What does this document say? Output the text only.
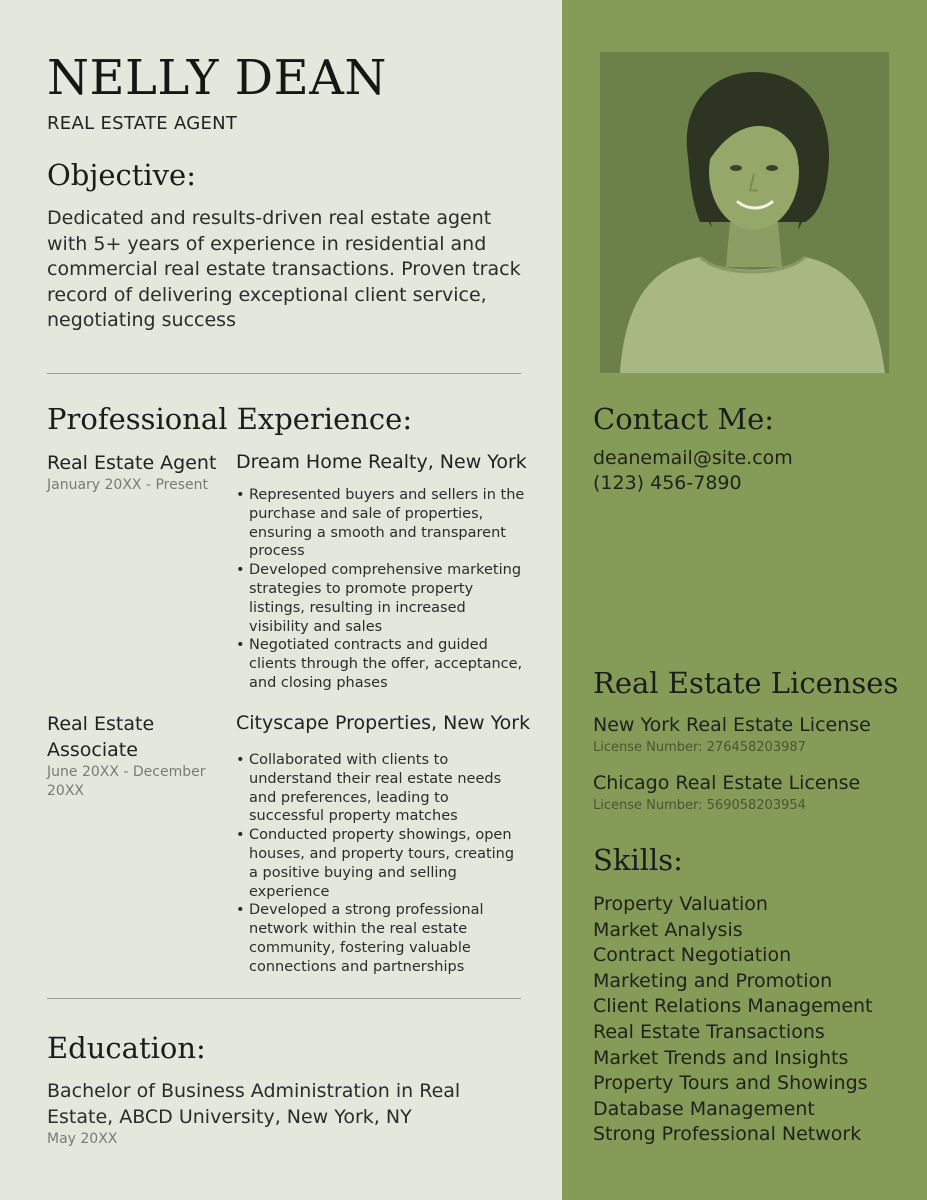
NELLY DEAN
REAL ESTATE AGENT
Objective:
Dedicated and results-driven real estate agent with 5+ years of experience in residential and commercial real estate transactions. Proven track record of delivering exceptional client service, negotiating success
Professional Experience:
Real Estate Agent
January 20XX - Present
Dream Home Realty, New York
• Represented buyers and sellers in the purchase and sale of properties, ensuring a smooth and transparent process
• Developed comprehensive marketing strategies to promote property listings, resulting in increased visibility and sales
• Negotiated contracts and guided clients through the offer, acceptance, and closing phases
Real Estate Associate
June 20XX - December 20XX
Cityscape Properties, New York
• Collaborated with clients to understand their real estate needs and preferences, leading to successful property matches
• Conducted property showings, open houses, and property tours, creating a positive buying and selling experience
• Developed a strong professional network within the real estate community, fostering valuable connections and partnerships
Education:
Bachelor of Business Administration in Real Estate, ABCD University, New York, NY
May 20XX
Contact Me:
deanemail@site.com
(123) 456-7890
Real Estate Licenses
New York Real Estate License
License Number: 276458203987
Chicago Real Estate License
License Number: 569058203954
Skills:
Property Valuation
Market Analysis
Contract Negotiation
Marketing and Promotion
Client Relations Management
Real Estate Transactions
Market Trends and Insights
Property Tours and Showings
Database Management
Strong Professional Network
